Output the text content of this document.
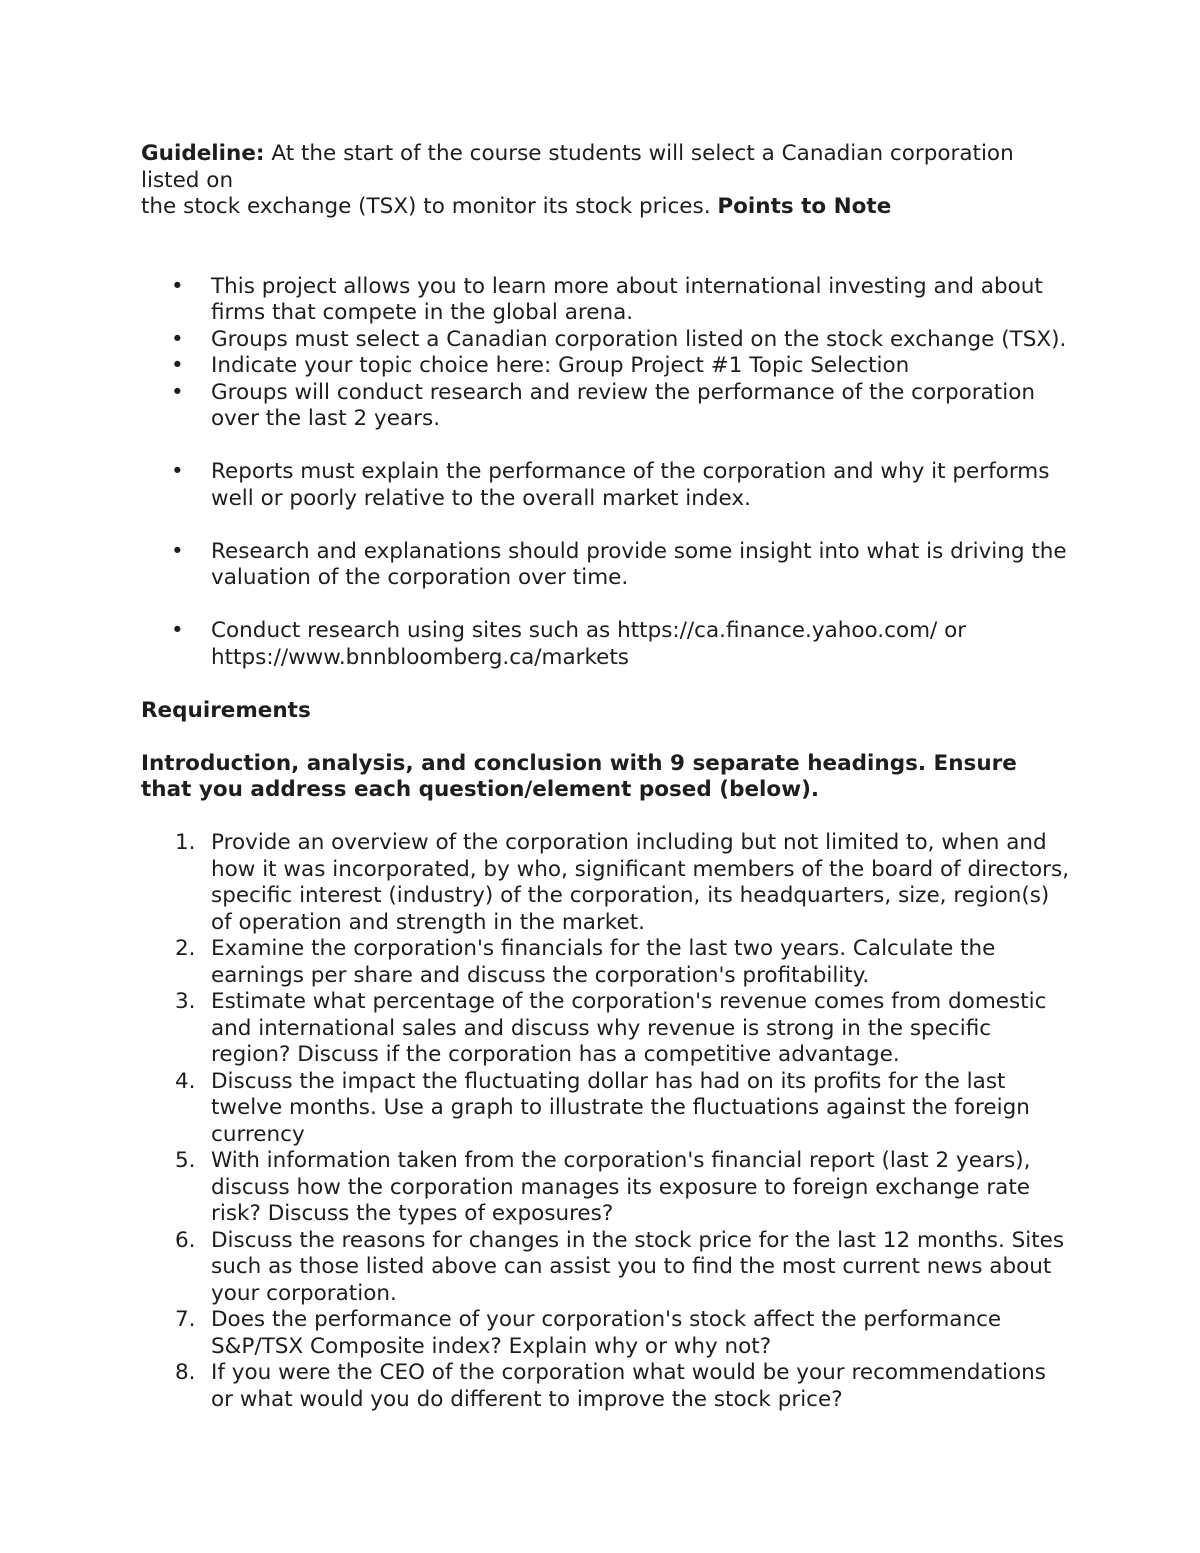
Guideline: At the start of the course students will select a Canadian corporation listed on
the stock exchange (TSX) to monitor its stock prices. Points to Note

• This project allows you to learn more about international investing and about firms that compete in the global arena.
• Groups must select a Canadian corporation listed on the stock exchange (TSX).
• Indicate your topic choice here: Group Project #1 Topic Selection
• Groups will conduct research and review the performance of the corporation over the last 2 years.
• Reports must explain the performance of the corporation and why it performs well or poorly relative to the overall market index.
• Research and explanations should provide some insight into what is driving the valuation of the corporation over time.
• Conduct research using sites such as https://ca.finance.yahoo.com/ or https://www.bnnbloomberg.ca/markets

Requirements

Introduction, analysis, and conclusion with 9 separate headings. Ensure that you address each question/element posed (below).

1. Provide an overview of the corporation including but not limited to, when and how it was incorporated, by who, significant members of the board of directors, specific interest (industry) of the corporation, its headquarters, size, region(s) of operation and strength in the market.
2. Examine the corporation's financials for the last two years. Calculate the earnings per share and discuss the corporation's profitability.
3. Estimate what percentage of the corporation's revenue comes from domestic and international sales and discuss why revenue is strong in the specific region? Discuss if the corporation has a competitive advantage.
4. Discuss the impact the fluctuating dollar has had on its profits for the last twelve months. Use a graph to illustrate the fluctuations against the foreign currency
5. With information taken from the corporation's financial report (last 2 years), discuss how the corporation manages its exposure to foreign exchange rate risk? Discuss the types of exposures?
6. Discuss the reasons for changes in the stock price for the last 12 months. Sites such as those listed above can assist you to find the most current news about your corporation.
7. Does the performance of your corporation's stock affect the performance S&P/TSX Composite index? Explain why or why not?
8. If you were the CEO of the corporation what would be your recommendations or what would you do different to improve the stock price?
